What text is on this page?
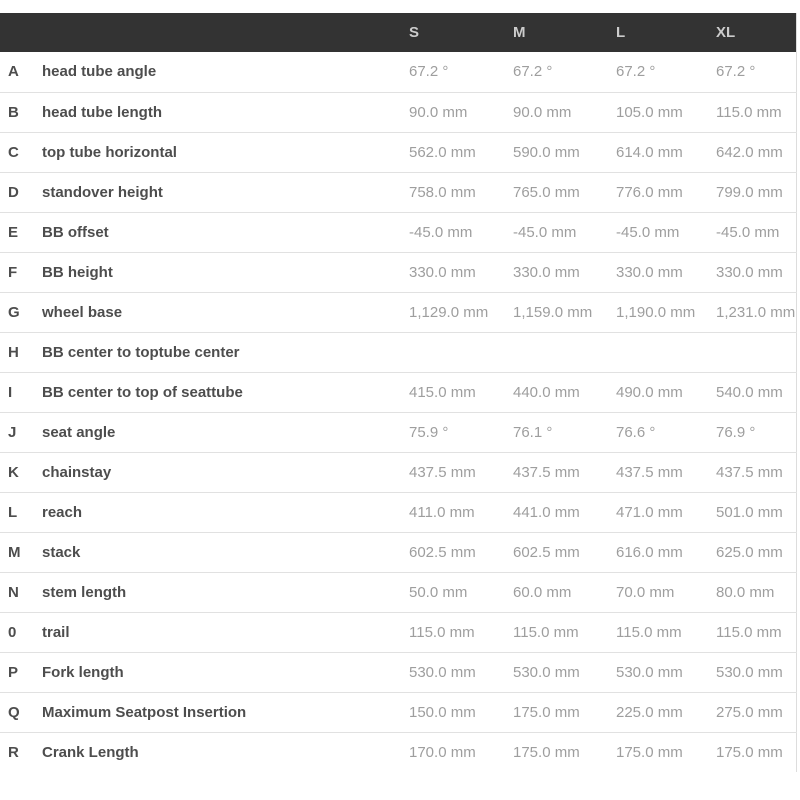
		S	M	L	XL
A	head tube angle	67.2 °	67.2 °	67.2 °	67.2 °
B	head tube length	90.0 mm	90.0 mm	105.0 mm	115.0 mm
C	top tube horizontal	562.0 mm	590.0 mm	614.0 mm	642.0 mm
D	standover height	758.0 mm	765.0 mm	776.0 mm	799.0 mm
E	BB offset	-45.0 mm	-45.0 mm	-45.0 mm	-45.0 mm
F	BB height	330.0 mm	330.0 mm	330.0 mm	330.0 mm
G	wheel base	1,129.0 mm	1,159.0 mm	1,190.0 mm	1,231.0 mm
H	BB center to toptube center				
I	BB center to top of seattube	415.0 mm	440.0 mm	490.0 mm	540.0 mm
J	seat angle	75.9 °	76.1 °	76.6 °	76.9 °
K	chainstay	437.5 mm	437.5 mm	437.5 mm	437.5 mm
L	reach	411.0 mm	441.0 mm	471.0 mm	501.0 mm
M	stack	602.5 mm	602.5 mm	616.0 mm	625.0 mm
N	stem length	50.0 mm	60.0 mm	70.0 mm	80.0 mm
0	trail	115.0 mm	115.0 mm	115.0 mm	115.0 mm
P	Fork length	530.0 mm	530.0 mm	530.0 mm	530.0 mm
Q	Maximum Seatpost Insertion	150.0 mm	175.0 mm	225.0 mm	275.0 mm
R	Crank Length	170.0 mm	175.0 mm	175.0 mm	175.0 mm
